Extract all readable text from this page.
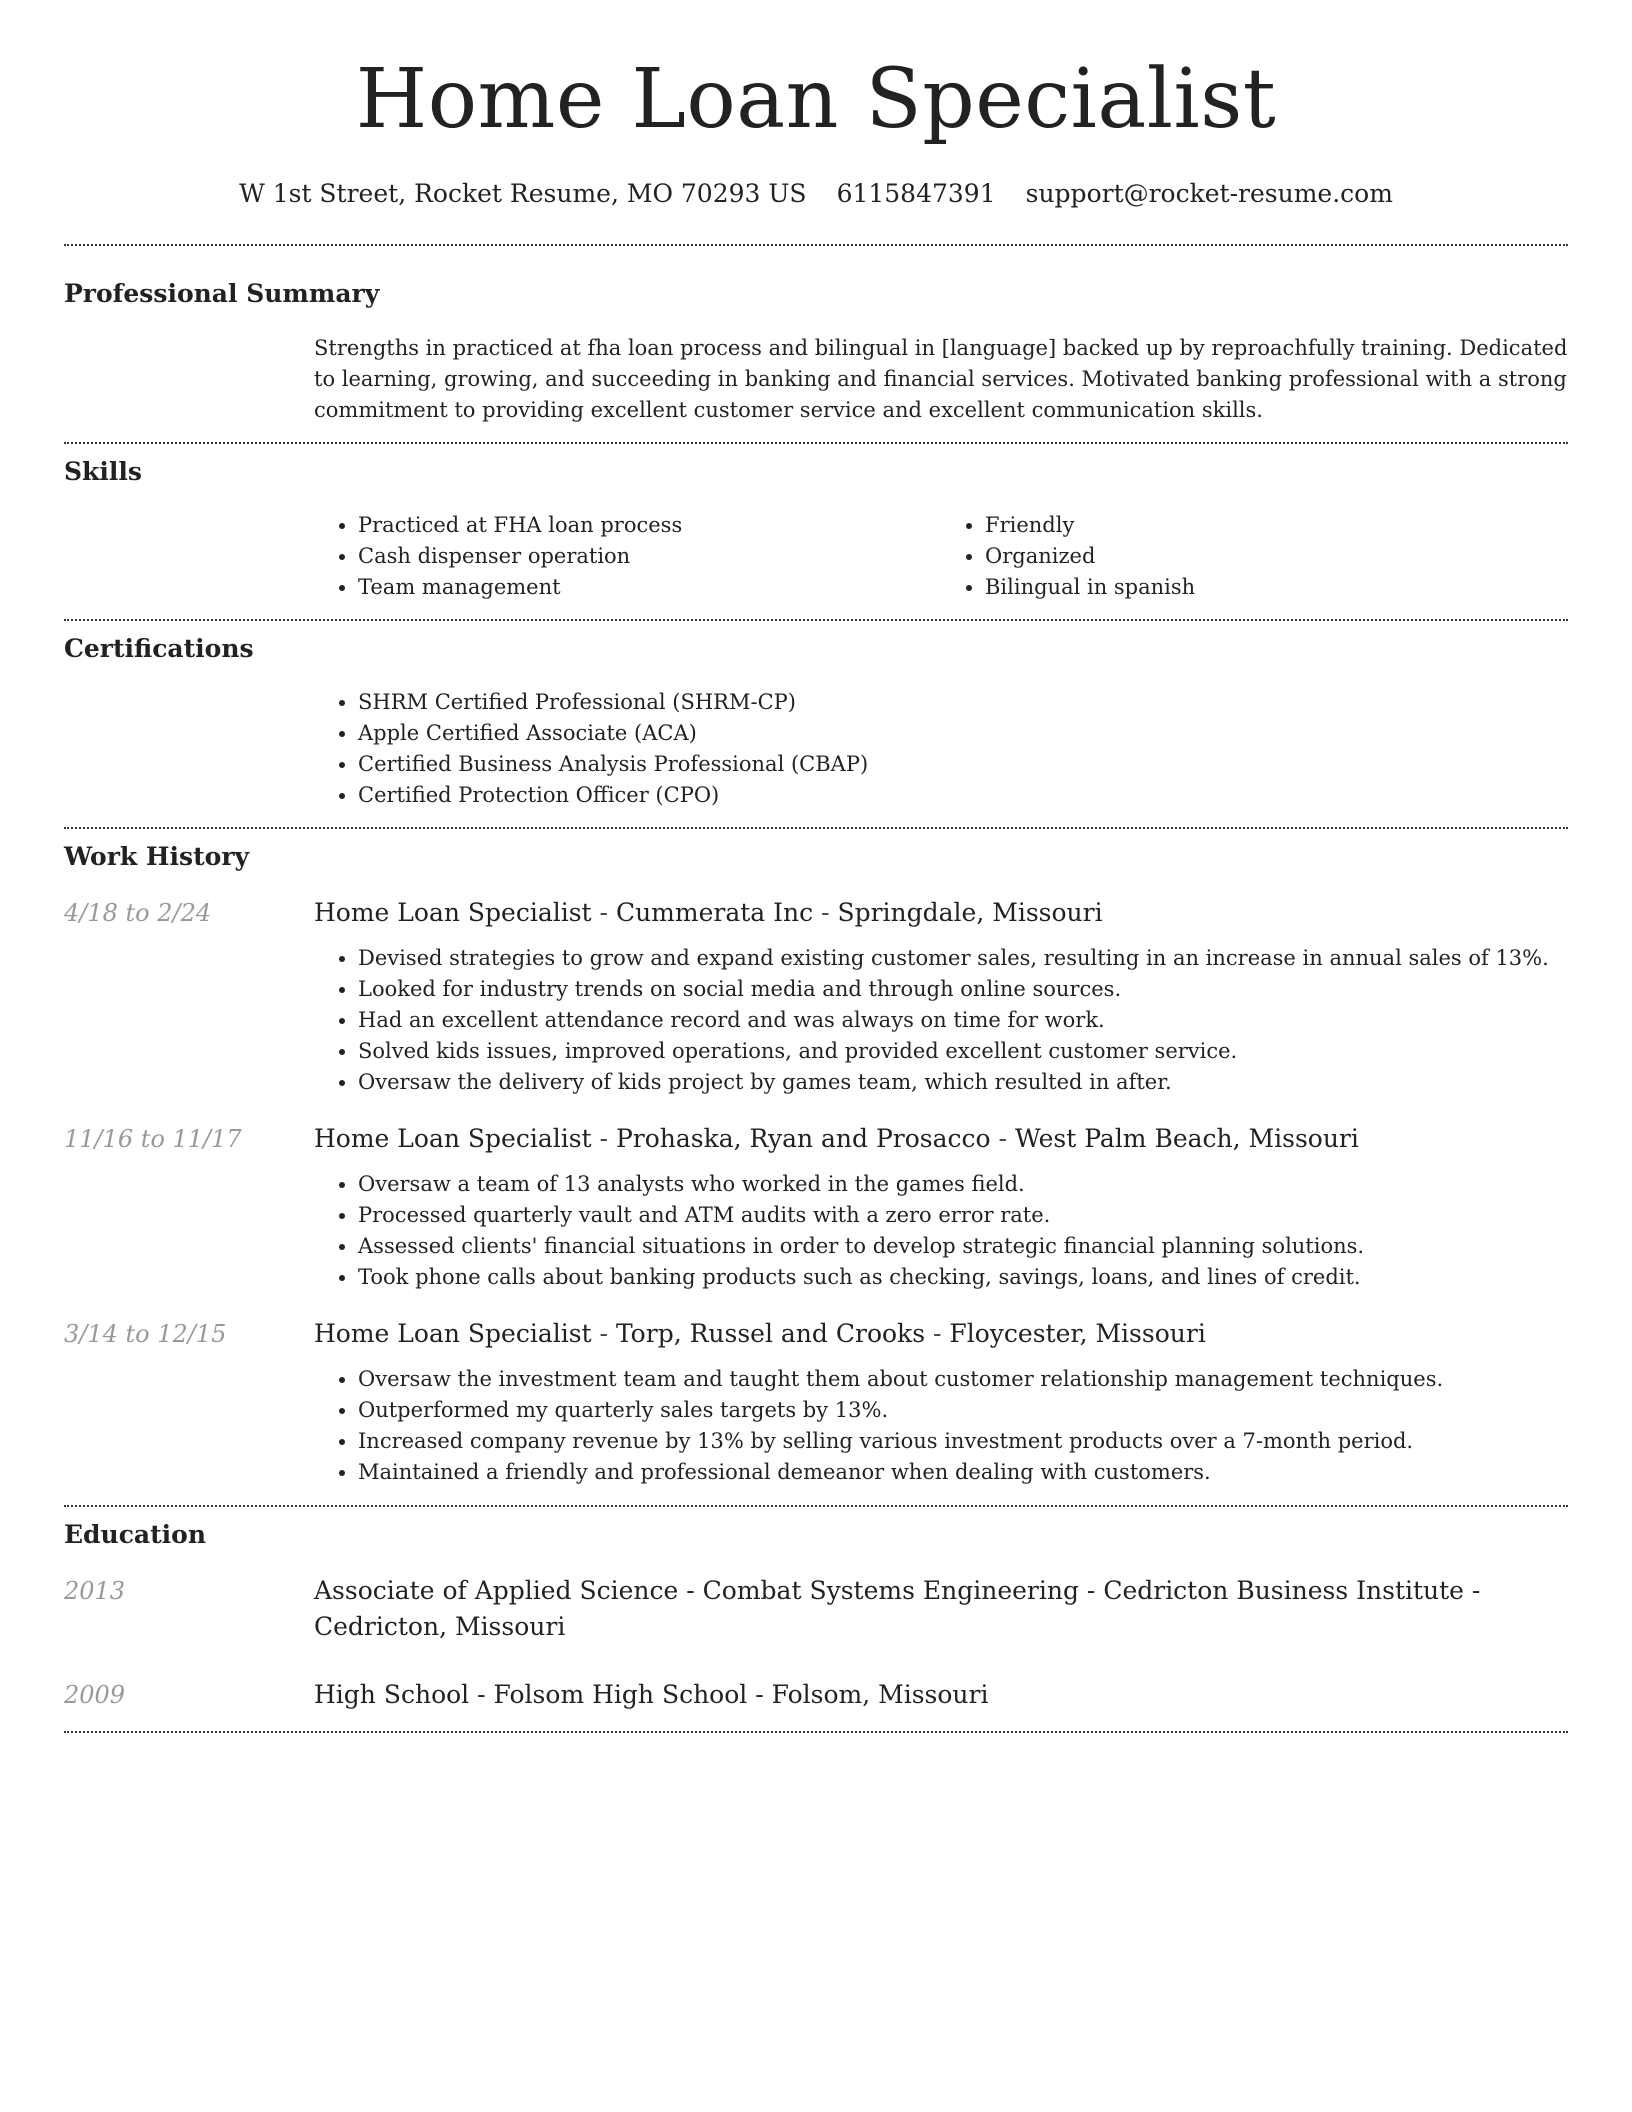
Home Loan Specialist
W 1st Street, Rocket Resume, MO 70293 US 6115847391 support@rocket-resume.com
Professional Summary

Strengths in practiced at fha loan process and bilingual in [language] backed up by reproachfully training. Dedicated to learning, growing, and succeeding in banking and financial services. Motivated banking professional with a strong commitment to providing excellent customer service and excellent communication skills.

Skills
• Practiced at FHA loan process
• Cash dispenser operation
• Team management
• Friendly
• Organized
• Bilingual in spanish
Certifications
• SHRM Certified Professional (SHRM-CP)
• Apple Certified Associate (ACA)
• Certified Business Analysis Professional (CBAP)
• Certified Protection Officer (CPO)
Work History
4/18 to 2/24	Home Loan Specialist - Cummerata Inc - Springdale, Missouri
• Devised strategies to grow and expand existing customer sales, resulting in an increase in annual sales of 13%.
• Looked for industry trends on social media and through online sources.
• Had an excellent attendance record and was always on time for work.
• Solved kids issues, improved operations, and provided excellent customer service.
• Oversaw the delivery of kids project by games team, which resulted in after.
11/16 to 11/17	Home Loan Specialist - Prohaska, Ryan and Prosacco - West Palm Beach, Missouri
• Oversaw a team of 13 analysts who worked in the games field.
• Processed quarterly vault and ATM audits with a zero error rate.
• Assessed clients' financial situations in order to develop strategic financial planning solutions.
• Took phone calls about banking products such as checking, savings, loans, and lines of credit.
3/14 to 12/15	Home Loan Specialist - Torp, Russel and Crooks - Floycester, Missouri
• Oversaw the investment team and taught them about customer relationship management techniques.
• Outperformed my quarterly sales targets by 13%.
• Increased company revenue by 13% by selling various investment products over a 7-month period.
• Maintained a friendly and professional demeanor when dealing with customers.
Education
2013	Associate of Applied Science - Combat Systems Engineering - Cedricton Business Institute - Cedricton, Missouri
2009	High School - Folsom High School - Folsom, Missouri
